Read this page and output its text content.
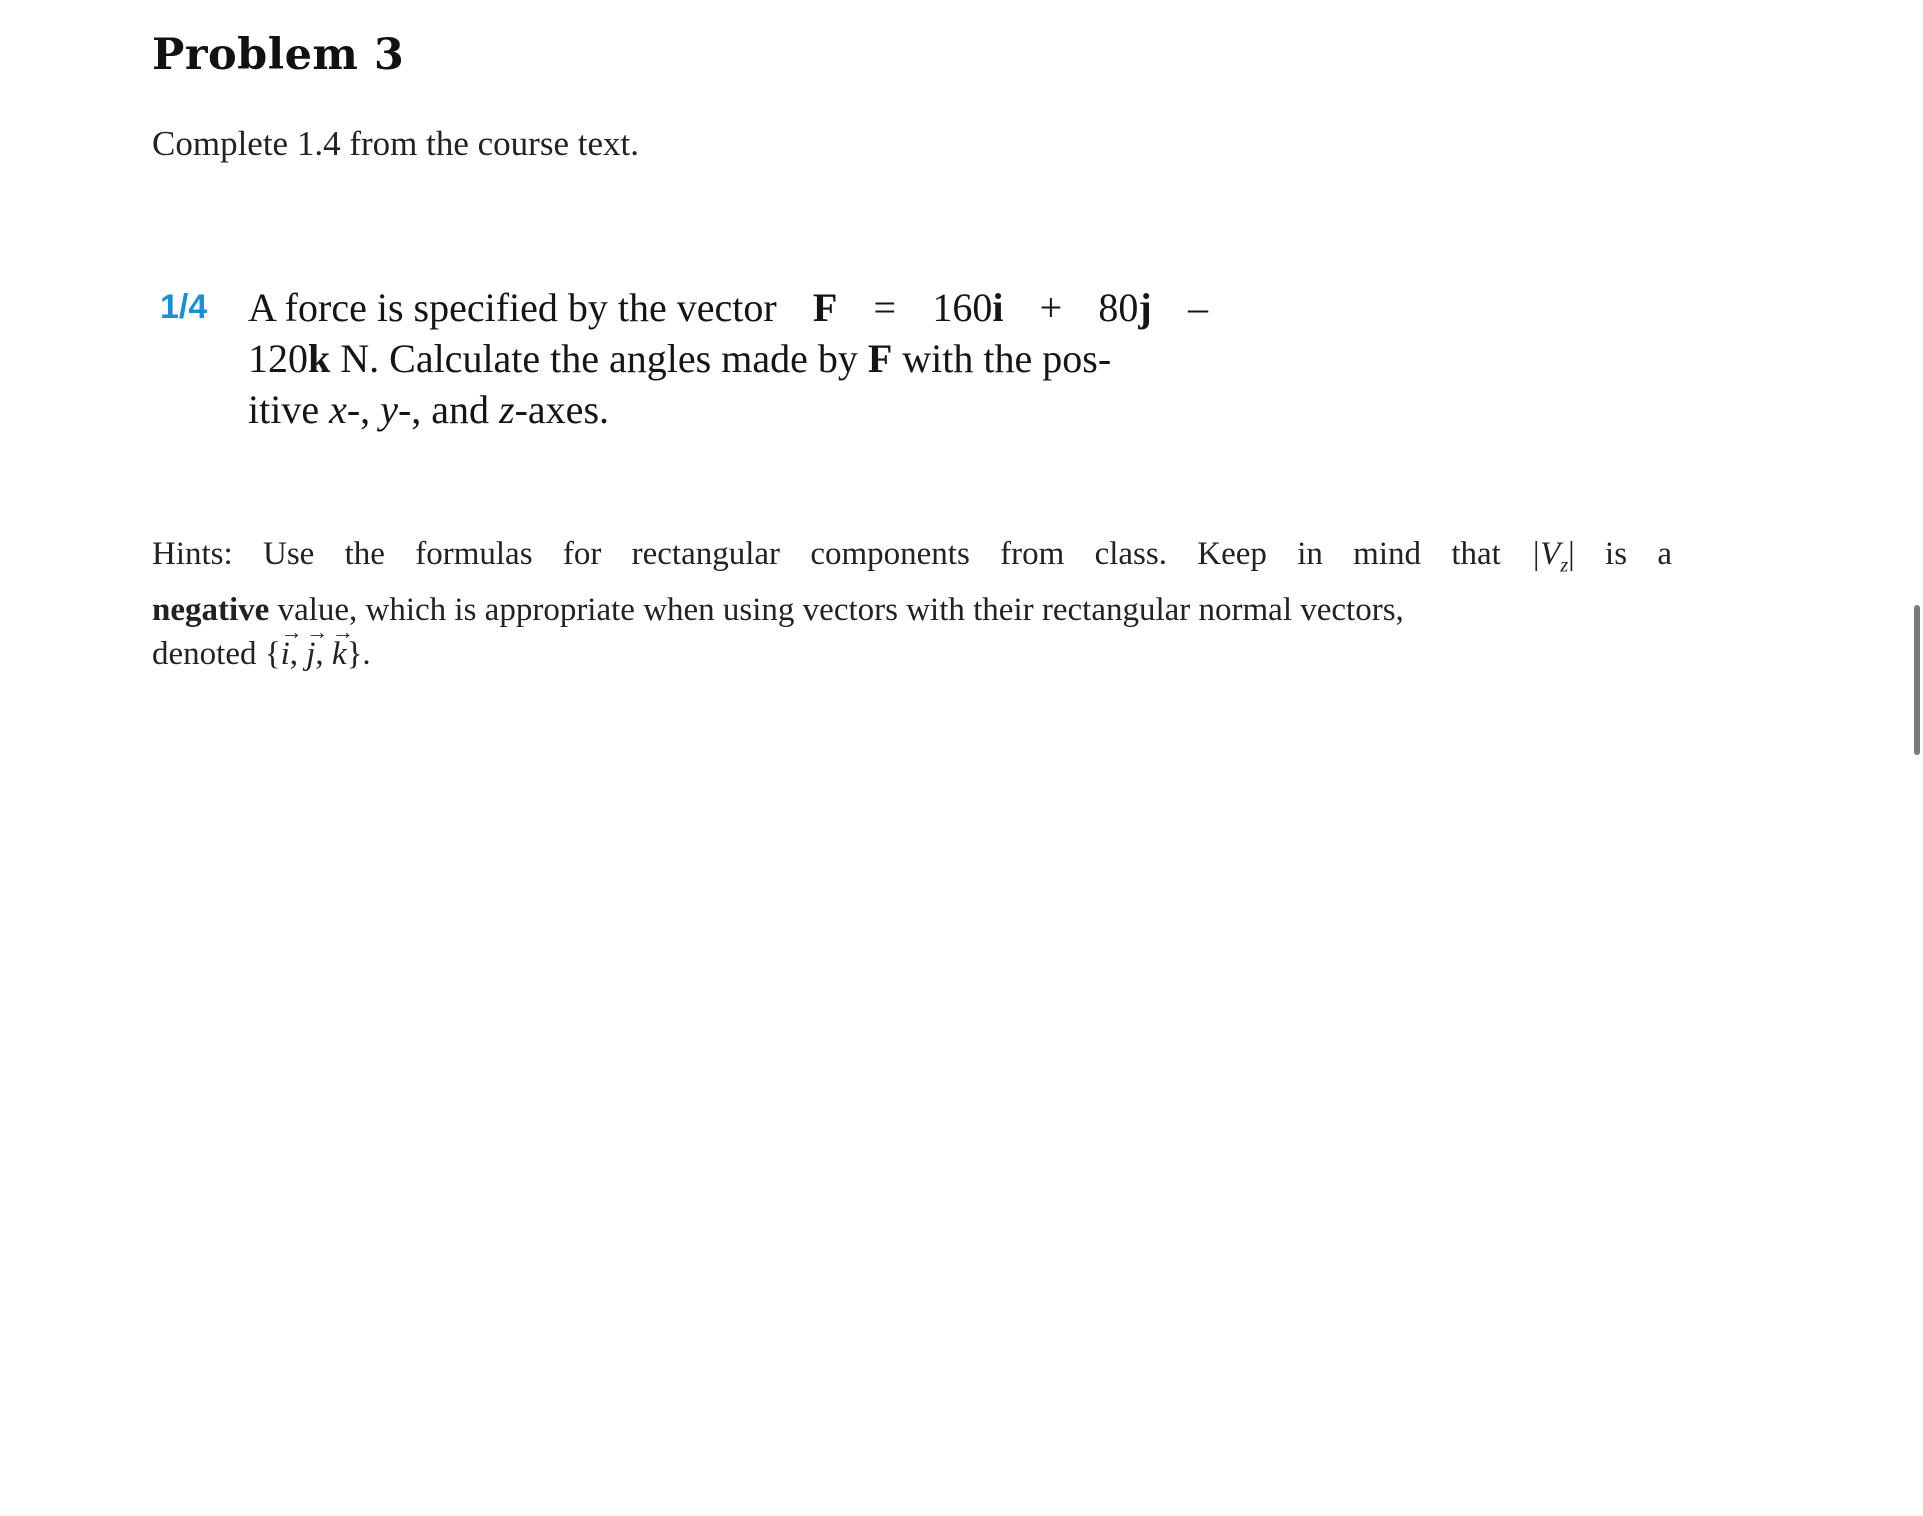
Problem 3
Complete 1.4 from the course text.
1/4 A force is specified by the vector F = 160i + 80j –
120k N. Calculate the angles made by F with the pos-
itive x-, y-, and z-axes.
Hints: Use the formulas for rectangular components from class. Keep in mind that $|V_z|$ is a
negative value, which is appropriate when using vectors with their rectangular normal vectors,
denoted {→ i, → j, → k}.
